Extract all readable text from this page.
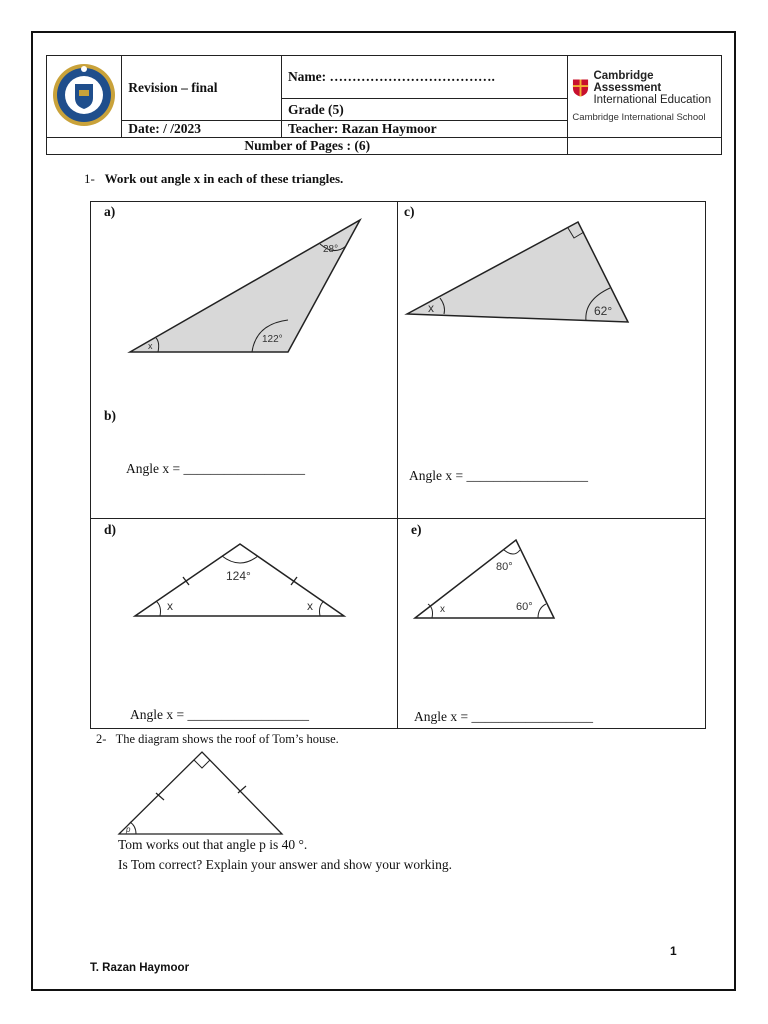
	Revision – final	Name: ……………………………….	Cambridge Assessment
International Education
Cambridge International School

		Grade (5)	
	Date: / /2023	Teacher: Razan Haymoor	
Number of Pages : (6)			
1- Work out angle x in each of these triangles.
a)
28°
122°
x
b)
Angle x = __________________
c)
x	62°
Angle x = __________________
d)
124°
x	x
Angle x = __________________
e)
80°
60°
x
Angle x = __________________
2- The diagram shows the roof of Tom’s house.
p
Tom works out that angle p is 40 °.
Is Tom correct? Explain your answer and show your working.
1
T. Razan Haymoor
